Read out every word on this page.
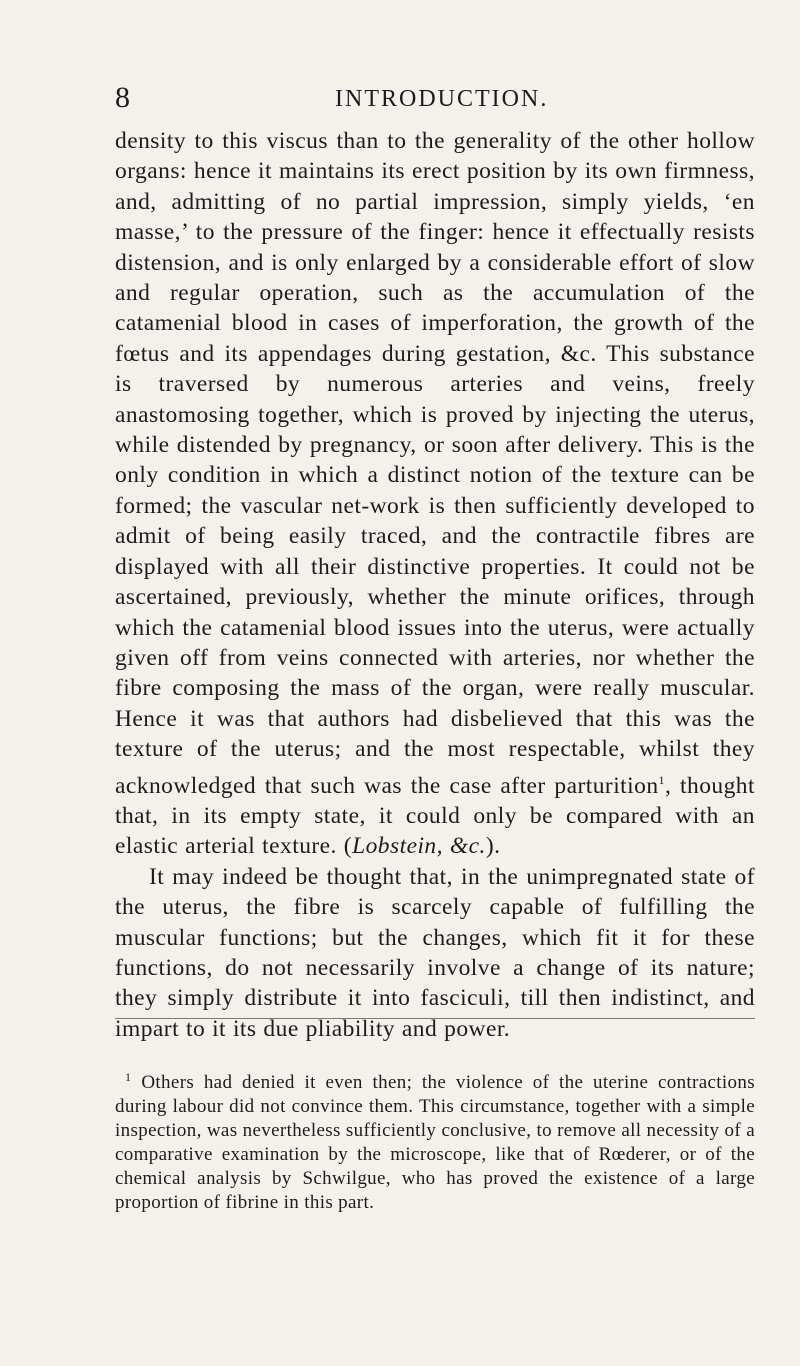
8	INTRODUCTION.

density to this viscus than to the generality of the other hollow organs: hence it maintains its erect position by its own firmness, and, admitting of no partial impression, simply yields, ‘en masse,’ to the pressure of the finger: hence it effectually resists distension, and is only enlarged by a considerable effort of slow and regular operation, such as the accumulation of the catamenial blood in cases of imperforation, the growth of the fœtus and its appendages during gestation, &c. This substance is traversed by numerous arteries and veins, freely anastomosing together, which is proved by injecting the uterus, while distended by pregnancy, or soon after delivery. This is the only condition in which a distinct notion of the texture can be formed; the vascular net-work is then sufficiently developed to admit of being easily traced, and the contractile fibres are displayed with all their distinctive properties. It could not be ascertained, previously, whether the minute orifices, through which the catamenial blood issues into the uterus, were actually given off from veins connected with arteries, nor whether the fibre composing the mass of the organ, were really muscular. Hence it was that authors had disbelieved that this was the texture of the uterus; and the most respectable, whilst they acknowledged that such was the case after parturition$^1$, thought that, in its empty state, it could only be compared with an elastic arterial texture. (Lobstein, &c.).

It may indeed be thought that, in the unimpregnated state of the uterus, the fibre is scarcely capable of fulfilling the muscular functions; but the changes, which fit it for these functions, do not necessarily involve a change of its nature; they simply distribute it into fasciculi, till then indistinct, and impart to it its due pliability and power.

1 Others had denied it even then; the violence of the uterine contractions during labour did not convince them. This circumstance, together with a simple inspection, was nevertheless sufficiently conclusive, to remove all necessity of a comparative examination by the microscope, like that of Rœderer, or of the chemical analysis by Schwilgue, who has proved the existence of a large proportion of fibrine in this part.
